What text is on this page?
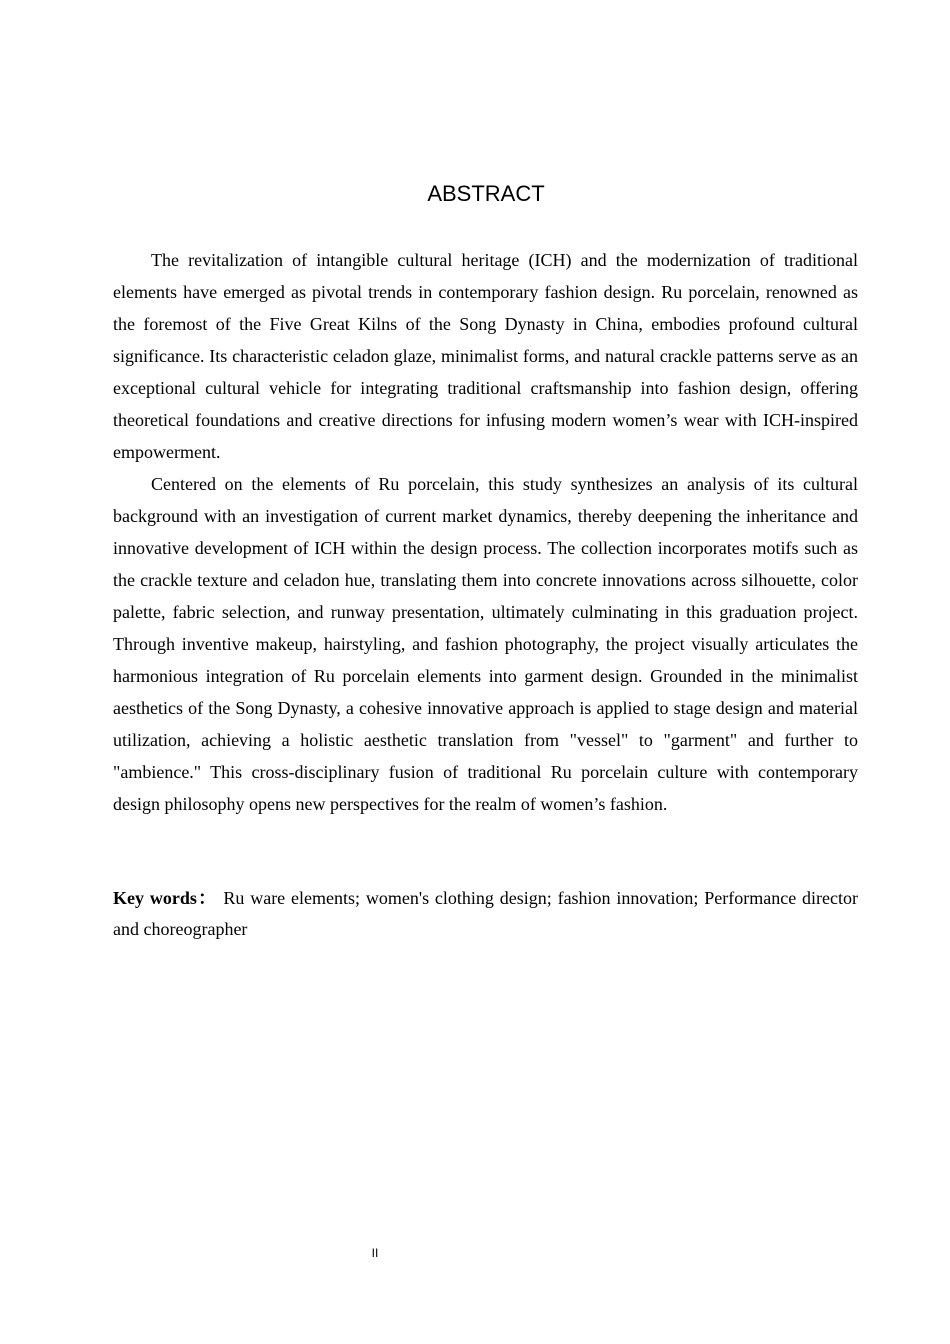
ABSTRACT

The revitalization of intangible cultural heritage (ICH) and the modernization of traditional elements have emerged as pivotal trends in contemporary fashion design. Ru porcelain, renowned as the foremost of the Five Great Kilns of the Song Dynasty in China, embodies profound cultural significance. Its characteristic celadon glaze, minimalist forms, and natural crackle patterns serve as an exceptional cultural vehicle for integrating traditional craftsmanship into fashion design, offering theoretical foundations and creative directions for infusing modern women’s wear with ICH-inspired empowerment.

Centered on the elements of Ru porcelain, this study synthesizes an analysis of its cultural background with an investigation of current market dynamics, thereby deepening the inheritance and innovative development of ICH within the design process. The collection incorporates motifs such as the crackle texture and celadon hue, translating them into concrete innovations across silhouette, color palette, fabric selection, and runway presentation, ultimately culminating in this graduation project. Through inventive makeup, hairstyling, and fashion photography, the project visually articulates the harmonious integration of Ru porcelain elements into garment design. Grounded in the minimalist aesthetics of the Song Dynasty, a cohesive innovative approach is applied to stage design and material utilization, achieving a holistic aesthetic translation from "vessel" to "garment" and further to "ambience." This cross-disciplinary fusion of traditional Ru porcelain culture with contemporary design philosophy opens new perspectives for the realm of women’s fashion.

Key words： Ru ware elements; women's clothing design; fashion innovation; Performance director and choreographer

II
